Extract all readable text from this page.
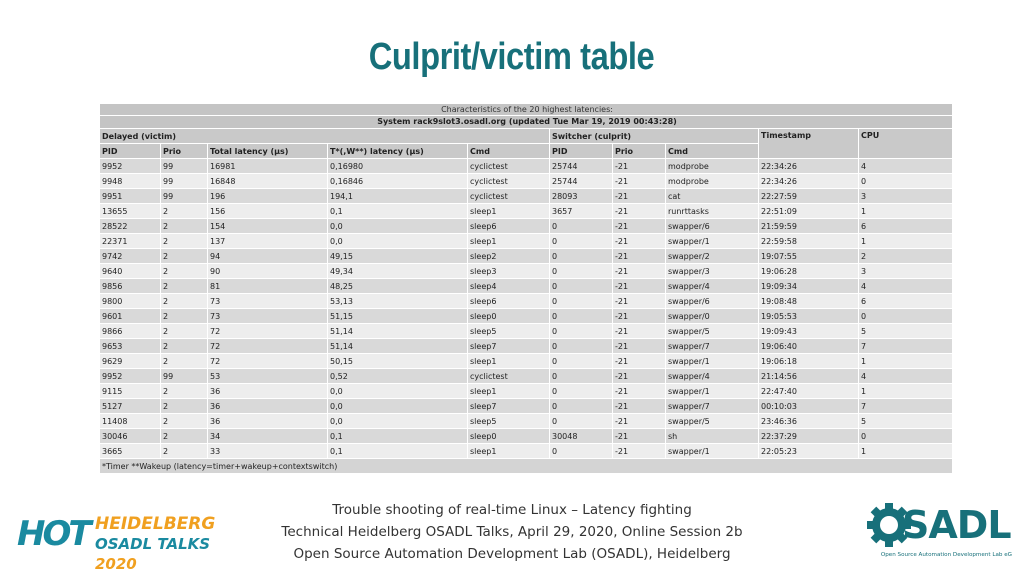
Culprit/victim table
Characteristics of the 20 highest latencies:									
System rack9slot3.osadl.org (updated Tue Mar 19, 2019 00:43:28)									
Delayed (victim)					Switcher (culprit)			Timestamp	CPU
PID	Prio	Total latency (µs)	T*(,W**) latency (µs)	Cmd	PID	Prio	Cmd		
9952	99	16981	0,16980	cyclictest	25744	-21	modprobe	22:34:26	4
9948	99	16848	0,16846	cyclictest	25744	-21	modprobe	22:34:26	0
9951	99	196	194,1	cyclictest	28093	-21	cat	22:27:59	3
13655	2	156	0,1	sleep1	3657	-21	runrttasks	22:51:09	1
28522	2	154	0,0	sleep6	0	-21	swapper/6	21:59:59	6
22371	2	137	0,0	sleep1	0	-21	swapper/1	22:59:58	1
9742	2	94	49,15	sleep2	0	-21	swapper/2	19:07:55	2
9640	2	90	49,34	sleep3	0	-21	swapper/3	19:06:28	3
9856	2	81	48,25	sleep4	0	-21	swapper/4	19:09:34	4
9800	2	73	53,13	sleep6	0	-21	swapper/6	19:08:48	6
9601	2	73	51,15	sleep0	0	-21	swapper/0	19:05:53	0
9866	2	72	51,14	sleep5	0	-21	swapper/5	19:09:43	5
9653	2	72	51,14	sleep7	0	-21	swapper/7	19:06:40	7
9629	2	72	50,15	sleep1	0	-21	swapper/1	19:06:18	1
9952	99	53	0,52	cyclictest	0	-21	swapper/4	21:14:56	4
9115	2	36	0,0	sleep1	0	-21	swapper/1	22:47:40	1
5127	2	36	0,0	sleep7	0	-21	swapper/7	00:10:03	7
11408	2	36	0,0	sleep5	0	-21	swapper/5	23:46:36	5
30046	2	34	0,1	sleep0	30048	-21	sh	22:37:29	0
3665	2	33	0,1	sleep1	0	-21	swapper/1	22:05:23	1
*Timer **Wakeup (latency=timer+wakeup+contextswitch)									
Trouble shooting of real-time Linux – Latency fighting
Technical Heidelberg OSADL Talks, April 29, 2020, Online Session 2b
Open Source Automation Development Lab (OSADL), Heidelberg
HOT HEIDELBERG
OSADL TALKS 2020
SADL
Open Source Automation Development Lab eG
